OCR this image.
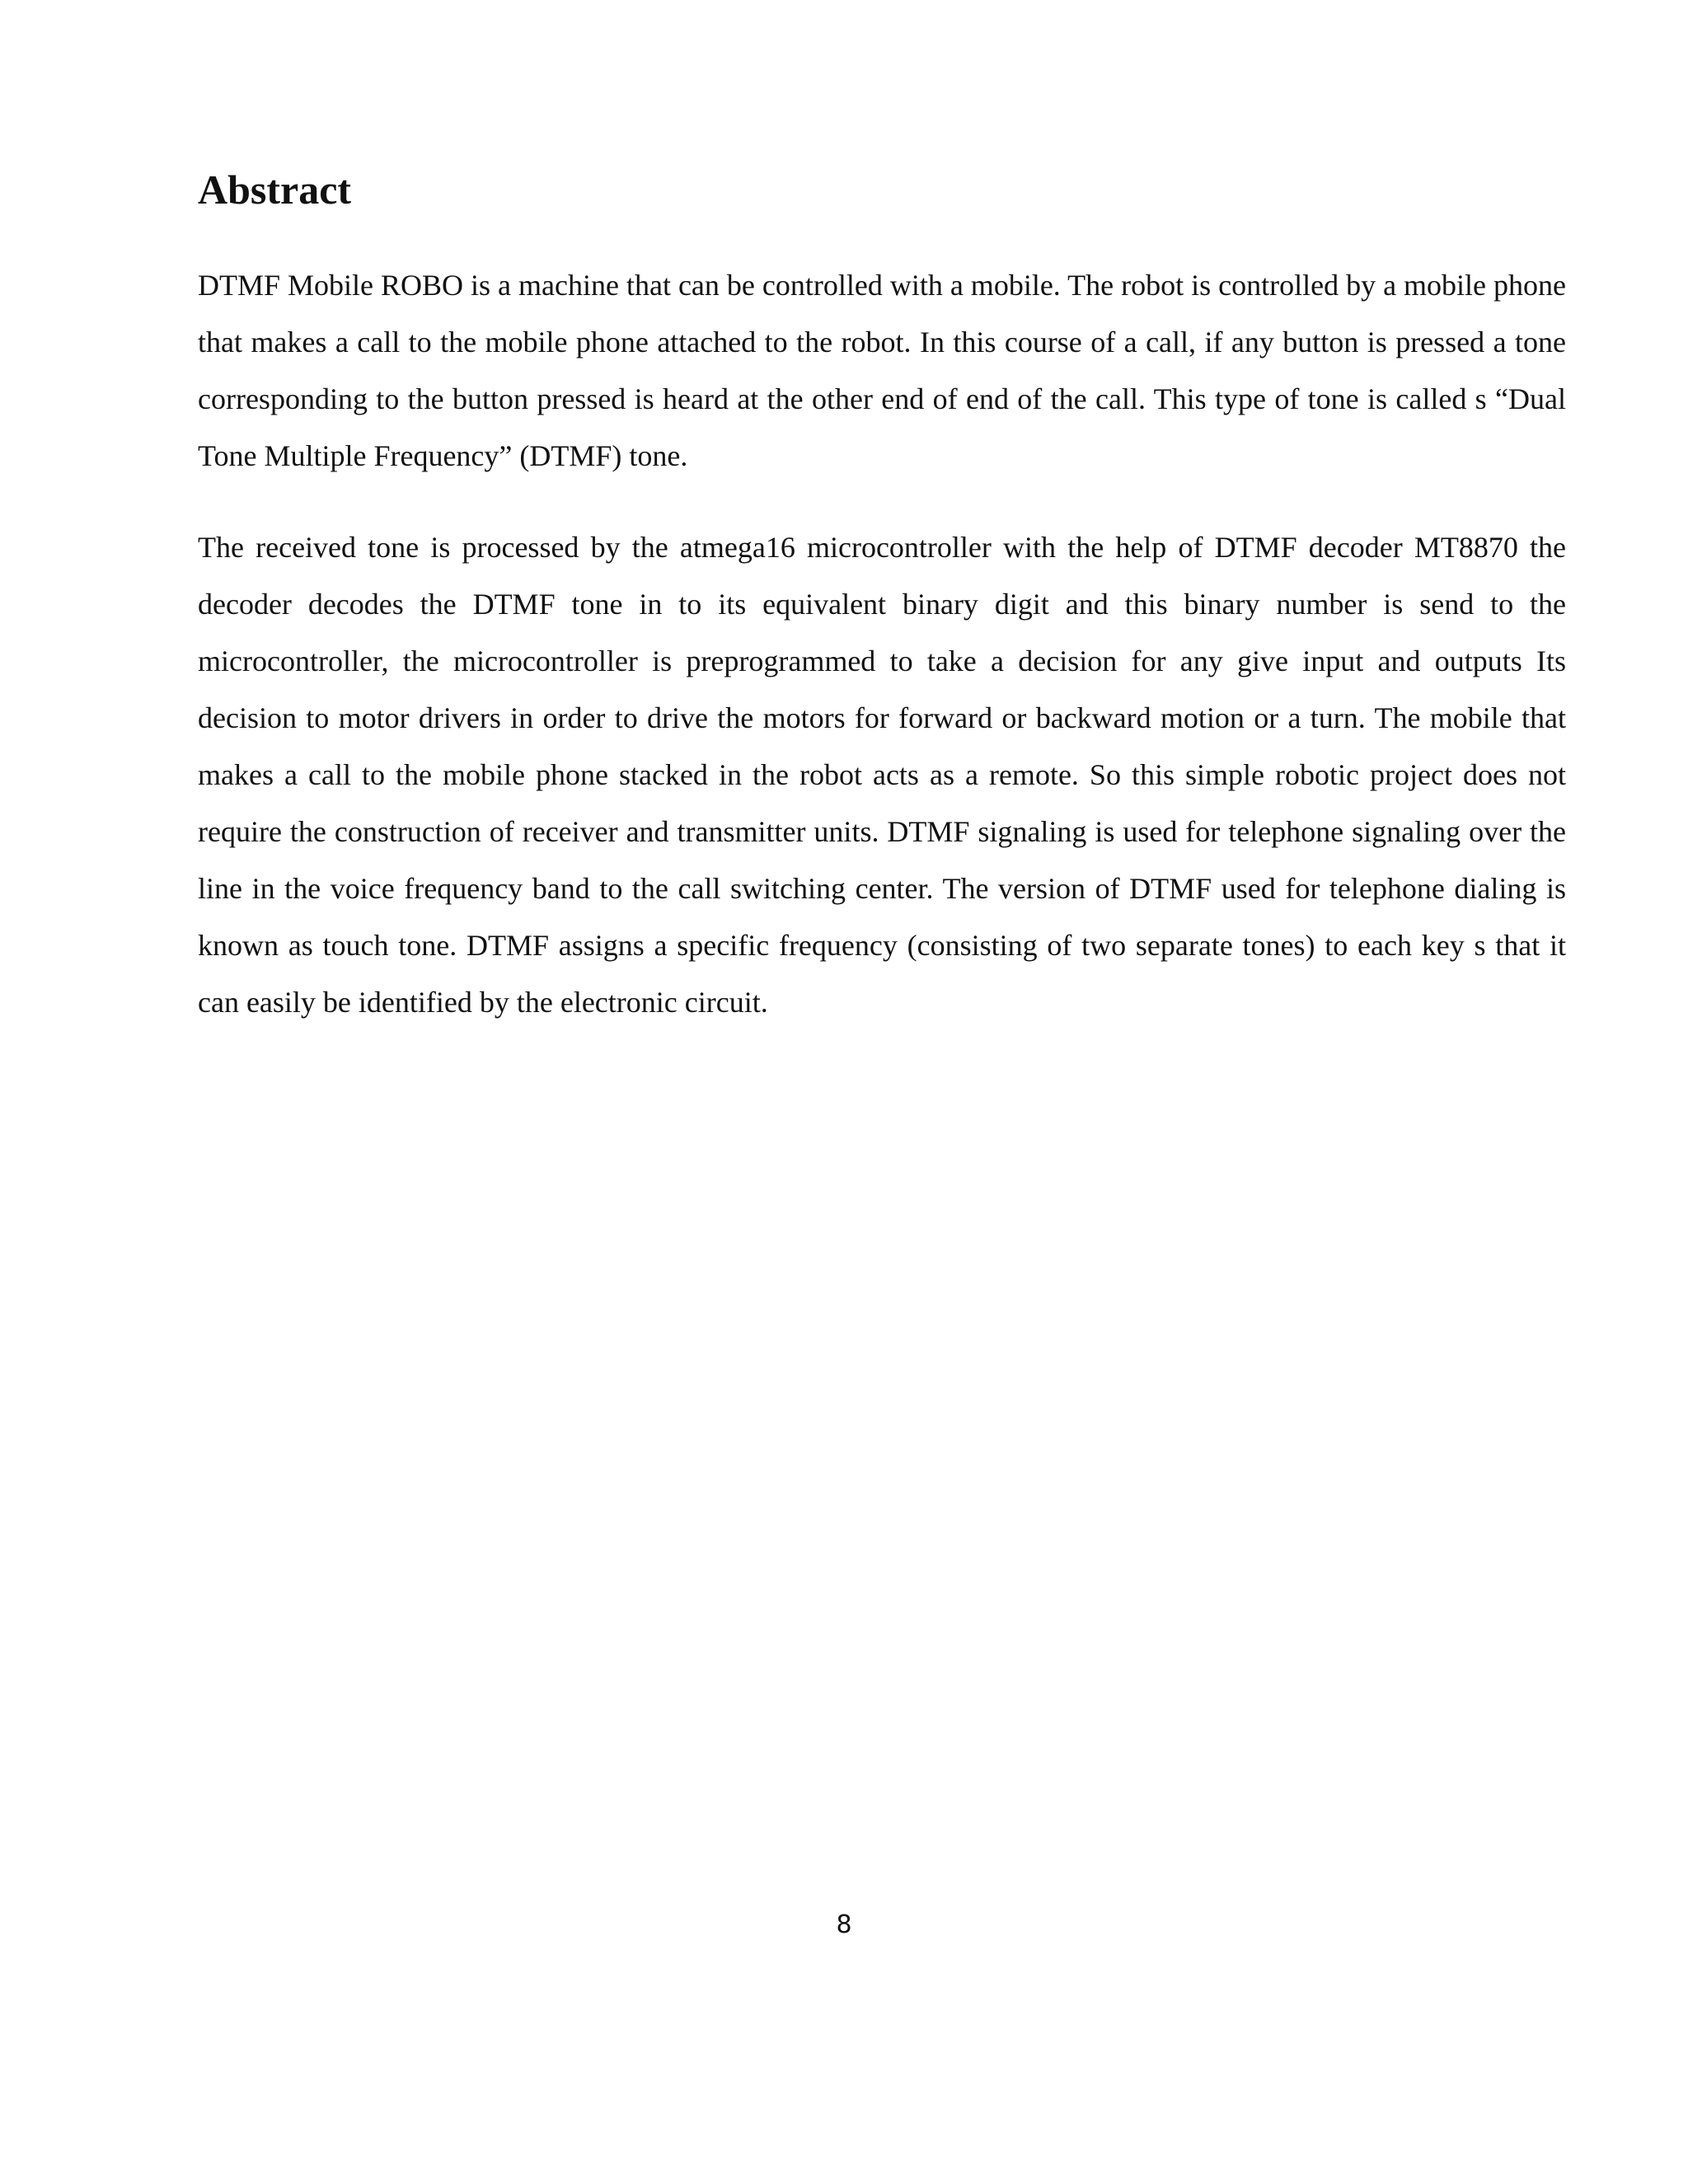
Abstract

DTMF Mobile ROBO is a machine that can be controlled with a mobile. The robot is controlled by a mobile phone that makes a call to the mobile phone attached to the robot. In this course of a call, if any button is pressed a tone corresponding to the button pressed is heard at the other end of end of the call. This type of tone is called s “Dual Tone Multiple Frequency” (DTMF) tone.

The received tone is processed by the atmega16 microcontroller with the help of DTMF decoder MT8870 the decoder decodes the DTMF tone in to its equivalent binary digit and this binary number is send to the microcontroller, the microcontroller is preprogrammed to take a decision for any give input and outputs Its decision to motor drivers in order to drive the motors for forward or backward motion or a turn. The mobile that makes a call to the mobile phone stacked in the robot acts as a remote. So this simple robotic project does not require the construction of receiver and transmitter units. DTMF signaling is used for telephone signaling over the line in the voice frequency band to the call switching center. The version of DTMF used for telephone dialing is known as touch tone. DTMF assigns a specific frequency (consisting of two separate tones) to each key s that it can easily be identified by the electronic circuit.

8
